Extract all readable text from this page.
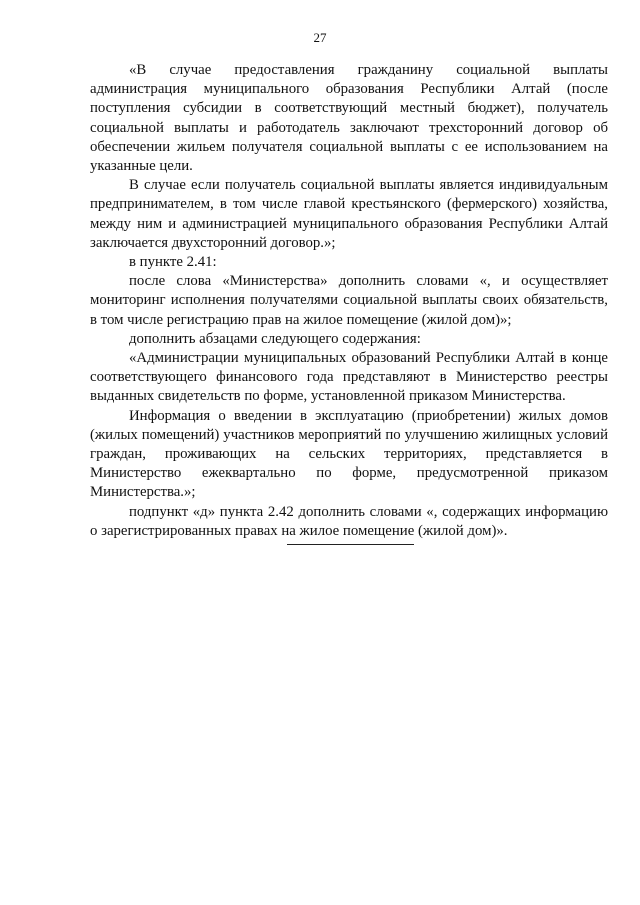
27

«В случае предоставления гражданину социальной выплаты администрация муниципального образования Республики Алтай (после поступления субсидии в соответствующий местный бюджет), получатель социальной выплаты и работодатель заключают трехсторонний договор об обеспечении жильем получателя социальной выплаты с ее использованием на указанные цели.

В случае если получатель социальной выплаты является индивидуальным предпринимателем, в том числе главой крестьянского (фермерского) хозяйства, между ним и администрацией муниципального образования Республики Алтай заключается двухсторонний договор.»;

в пункте 2.41:

после слова «Министерства» дополнить словами «, и осуществляет мониторинг исполнения получателями социальной выплаты своих обязательств, в том числе регистрацию прав на жилое помещение (жилой дом)»;

дополнить абзацами следующего содержания:

«Администрации муниципальных образований Республики Алтай в конце соответствующего финансового года представляют в Министерство реестры выданных свидетельств по форме, установленной приказом Министерства.

Информация о введении в эксплуатацию (приобретении) жилых домов (жилых помещений) участников мероприятий по улучшению жилищных условий граждан, проживающих на сельских территориях, представляется в Министерство ежеквартально по форме, предусмотренной приказом Министерства.»;

подпункт «д» пункта 2.42 дополнить словами «, содержащих информацию о зарегистрированных правах на жилое помещение (жилой дом)».
